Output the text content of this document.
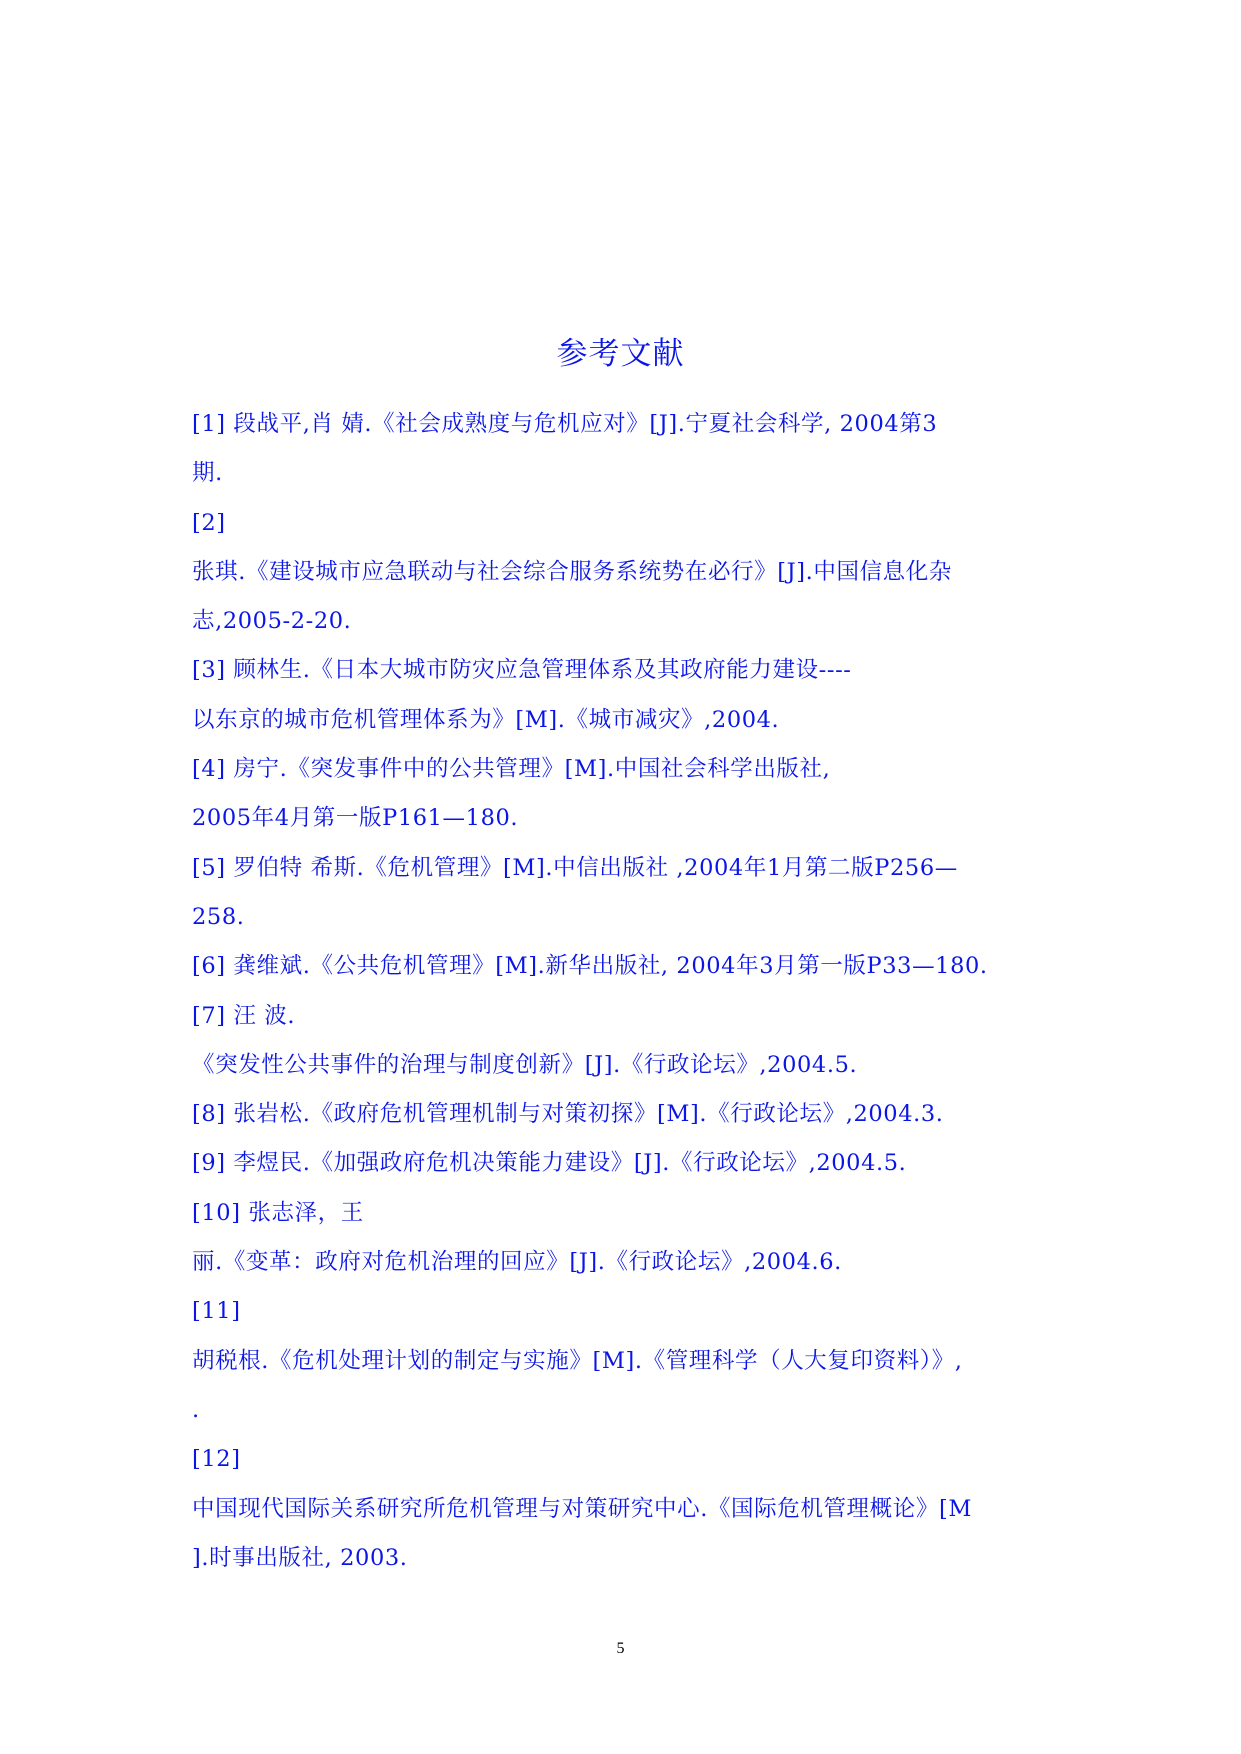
参考文献
[1] 段战平,肖 婧.《社会成熟度与危机应对》[J].宁夏社会科学, 2004第3
期.
[2]
张琪.《建设城市应急联动与社会综合服务系统势在必行》[J].中国信息化杂
志,2005-2-20.
[3] 顾林生.《日本大城市防灾应急管理体系及其政府能力建设----
以东京的城市危机管理体系为》[M].《城市减灾》,2004.
[4] 房宁.《突发事件中的公共管理》[M].中国社会科学出版社,
2005年4月第一版P161—180.
[5] 罗伯特 希斯.《危机管理》[M].中信出版社 ,2004年1月第二版P256—
258.
[6] 龚维斌.《公共危机管理》[M].新华出版社, 2004年3月第一版P33—180.
[7] 汪 波.
《突发性公共事件的治理与制度创新》[J].《行政论坛》,2004.5.
[8] 张岩松.《政府危机管理机制与对策初探》[M].《行政论坛》,2004.3.
[9] 李煜民.《加强政府危机决策能力建设》[J].《行政论坛》,2004.5.
[10] 张志泽，王
丽.《变革：政府对危机治理的回应》[J].《行政论坛》,2004.6.
[11]
胡税根.《危机处理计划的制定与实施》[M].《管理科学（人大复印资料）》,
.
[12]
中国现代国际关系研究所危机管理与对策研究中心.《国际危机管理概论》[M
].时事出版社, 2003.
5
